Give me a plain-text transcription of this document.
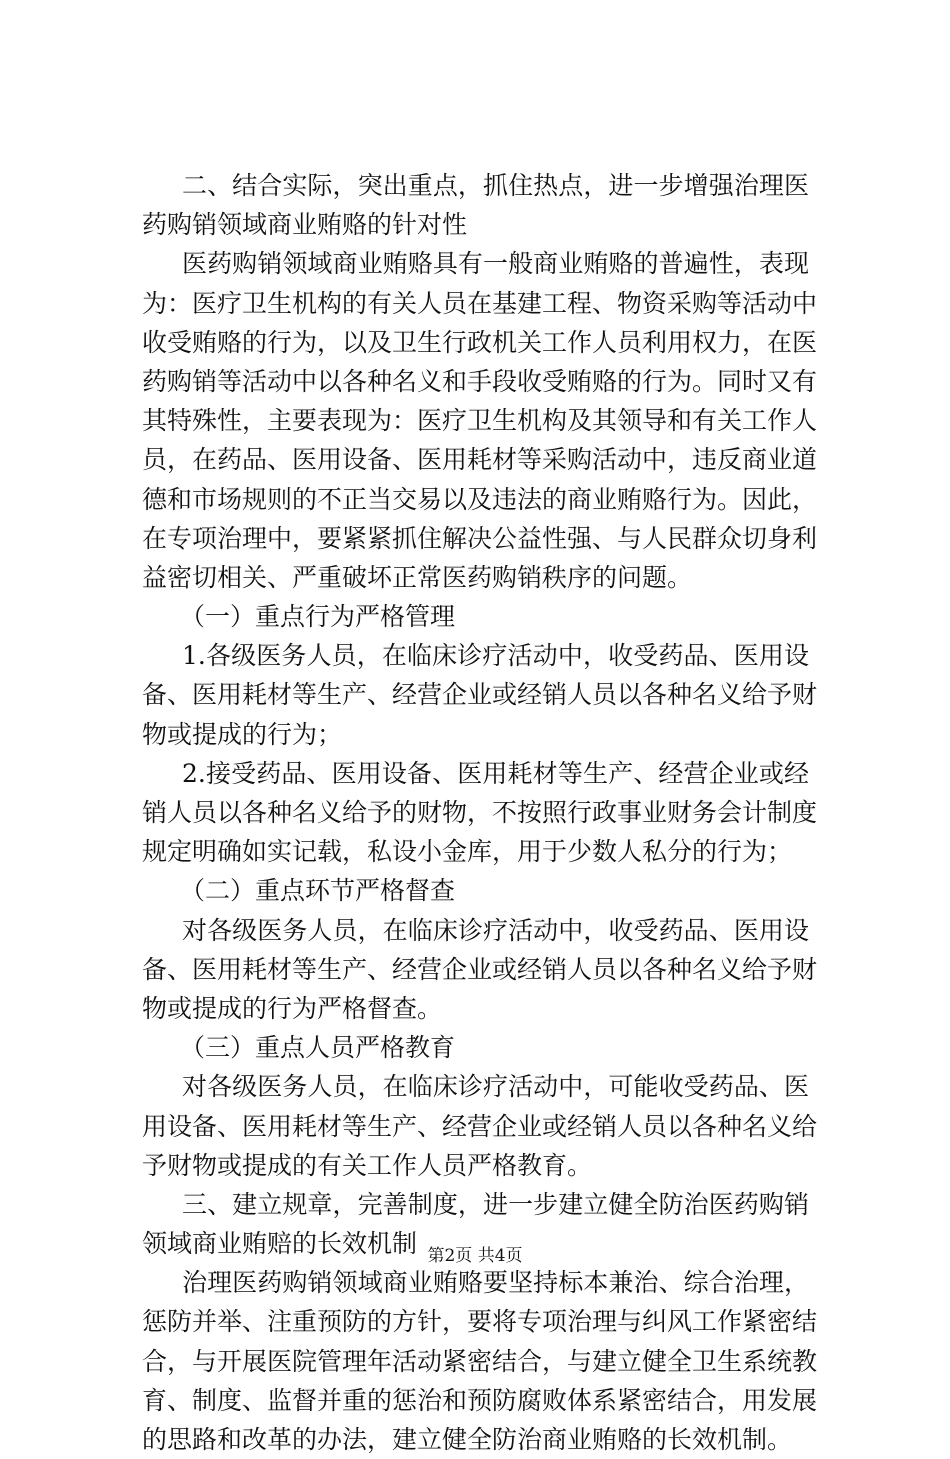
二、结合实际，突出重点，抓住热点，进一步增强治理医
药购销领域商业贿赂的针对性
医药购销领域商业贿赂具有一般商业贿赂的普遍性，表现
为：医疗卫生机构的有关人员在基建工程、物资采购等活动中
收受贿赂的行为，以及卫生行政机关工作人员利用权力，在医
药购销等活动中以各种名义和手段收受贿赂的行为。同时又有
其特殊性，主要表现为：医疗卫生机构及其领导和有关工作人
员，在药品、医用设备、医用耗材等采购活动中，违反商业道
德和市场规则的不正当交易以及违法的商业贿赂行为。因此，
在专项治理中，要紧紧抓住解决公益性强、与人民群众切身利
益密切相关、严重破坏正常医药购销秩序的问题。
（一）重点行为严格管理
1.各级医务人员，在临床诊疗活动中，收受药品、医用设
备、医用耗材等生产、经营企业或经销人员以各种名义给予财
物或提成的行为；
2.接受药品、医用设备、医用耗材等生产、经营企业或经
销人员以各种名义给予的财物，不按照行政事业财务会计制度
规定明确如实记载，私设小金库，用于少数人私分的行为；
（二）重点环节严格督查
对各级医务人员，在临床诊疗活动中，收受药品、医用设
备、医用耗材等生产、经营企业或经销人员以各种名义给予财
物或提成的行为严格督查。
（三）重点人员严格教育
对各级医务人员，在临床诊疗活动中，可能收受药品、医
用设备、医用耗材等生产、经营企业或经销人员以各种名义给
予财物或提成的有关工作人员严格教育。
三、建立规章，完善制度，进一步建立健全防治医药购销
领域商业贿赔的长效机制
治理医药购销领域商业贿赂要坚持标本兼治、综合治理，
惩防并举、注重预防的方针，要将专项治理与纠风工作紧密结
合，与开展医院管理年活动紧密结合，与建立健全卫生系统教
育、制度、监督并重的惩治和预防腐败体系紧密结合，用发展
的思路和改革的办法，建立健全防治商业贿赂的长效机制。
第2页 共4页
